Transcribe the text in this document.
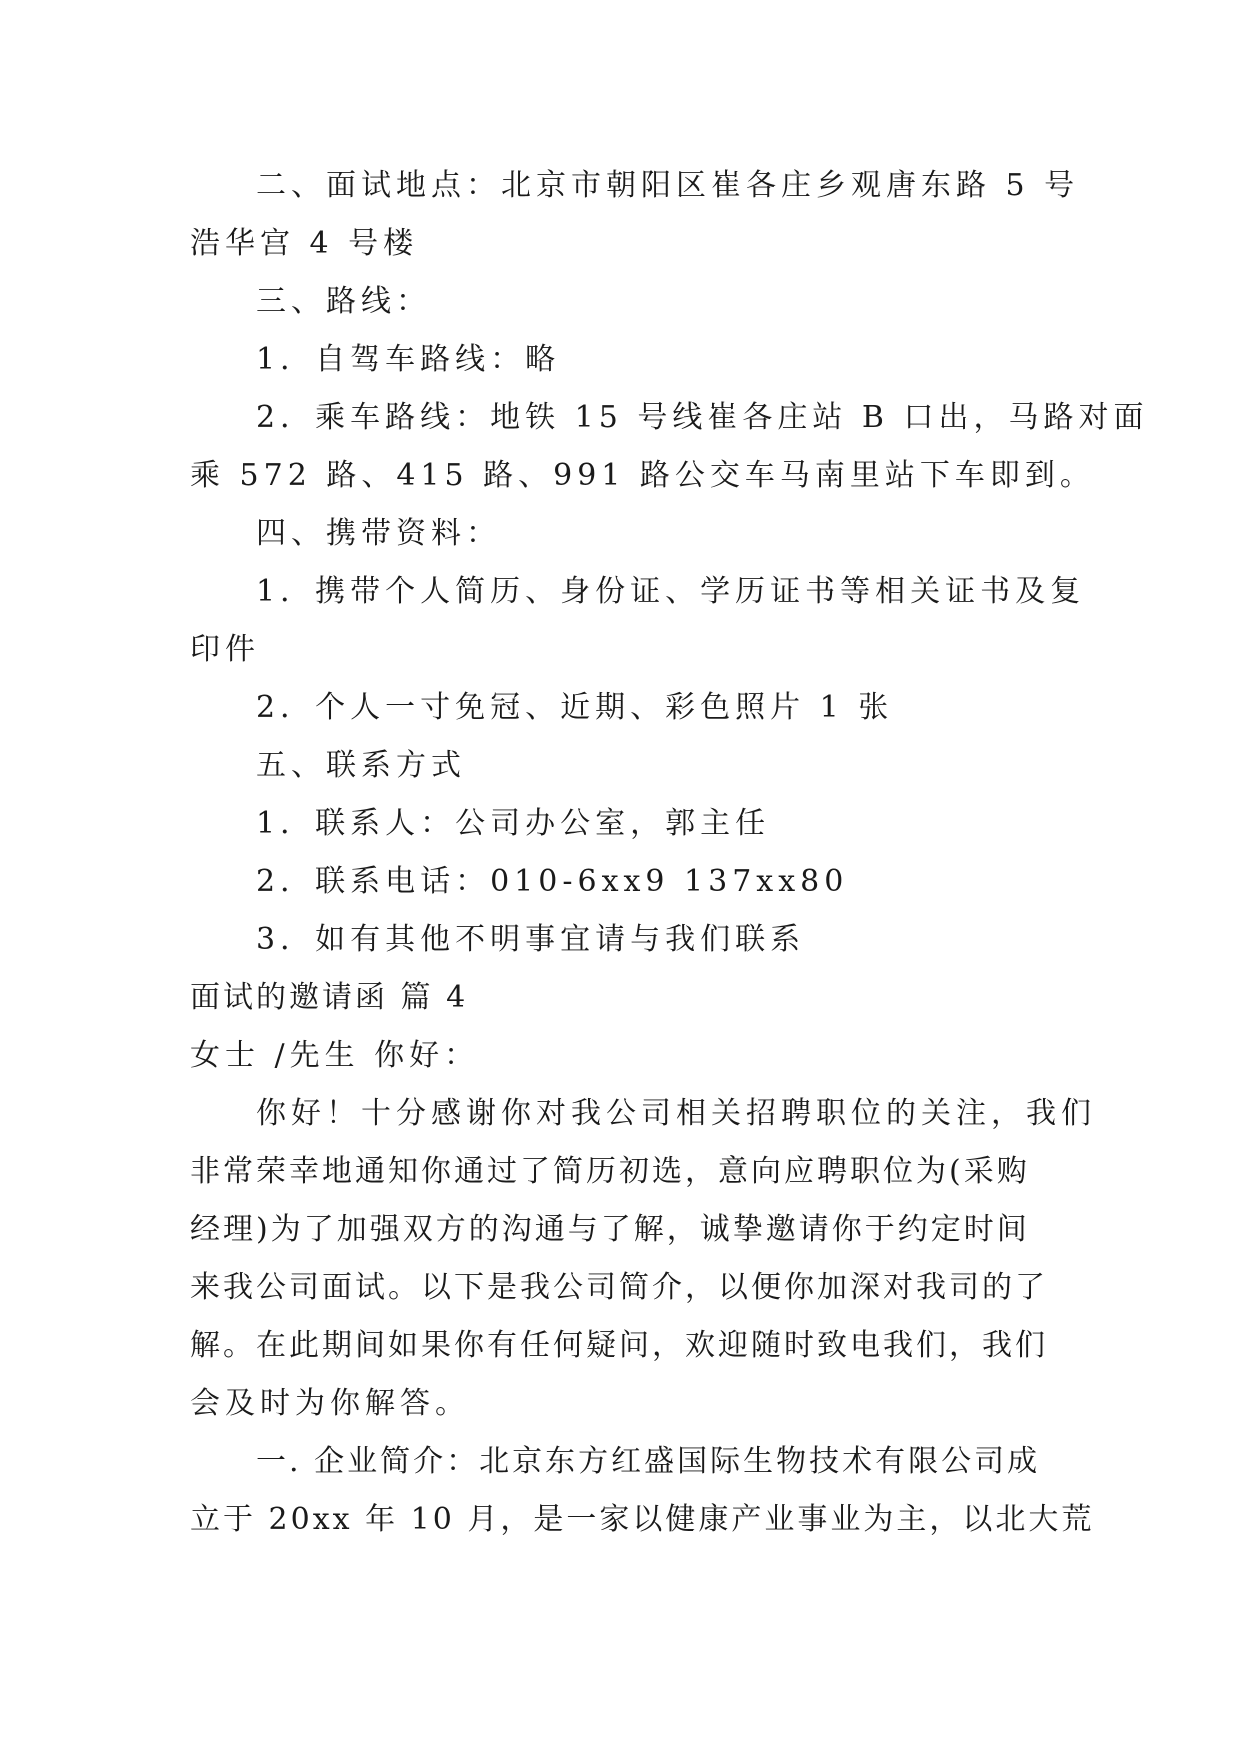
二、面试地点：北京市朝阳区崔各庄乡观唐东路 5 号
浩华宫 4 号楼
三、路线：
1．自驾车路线：略
2．乘车路线：地铁 15 号线崔各庄站 B 口出，马路对面
乘 572 路、415 路、991 路公交车马南里站下车即到。
四、携带资料：
1．携带个人简历、身份证、学历证书等相关证书及复
印件
2．个人一寸免冠、近期、彩色照片 1 张
五、联系方式
1．联系人：公司办公室，郭主任
2．联系电话：010-6xx9 137xx80
3．如有其他不明事宜请与我们联系
面试的邀请函 篇 4
女士 /先生 你好：
你好！十分感谢你对我公司相关招聘职位的关注，我们
非常荣幸地通知你通过了简历初选，意向应聘职位为(采购
经理)为了加强双方的沟通与了解，诚挚邀请你于约定时间
来我公司面试。以下是我公司简介，以便你加深对我司的了
解。在此期间如果你有任何疑问，欢迎随时致电我们，我们
会及时为你解答。
一. 企业简介：北京东方红盛国际生物技术有限公司成
立于 20xx 年 10 月，是一家以健康产业事业为主，以北大荒
